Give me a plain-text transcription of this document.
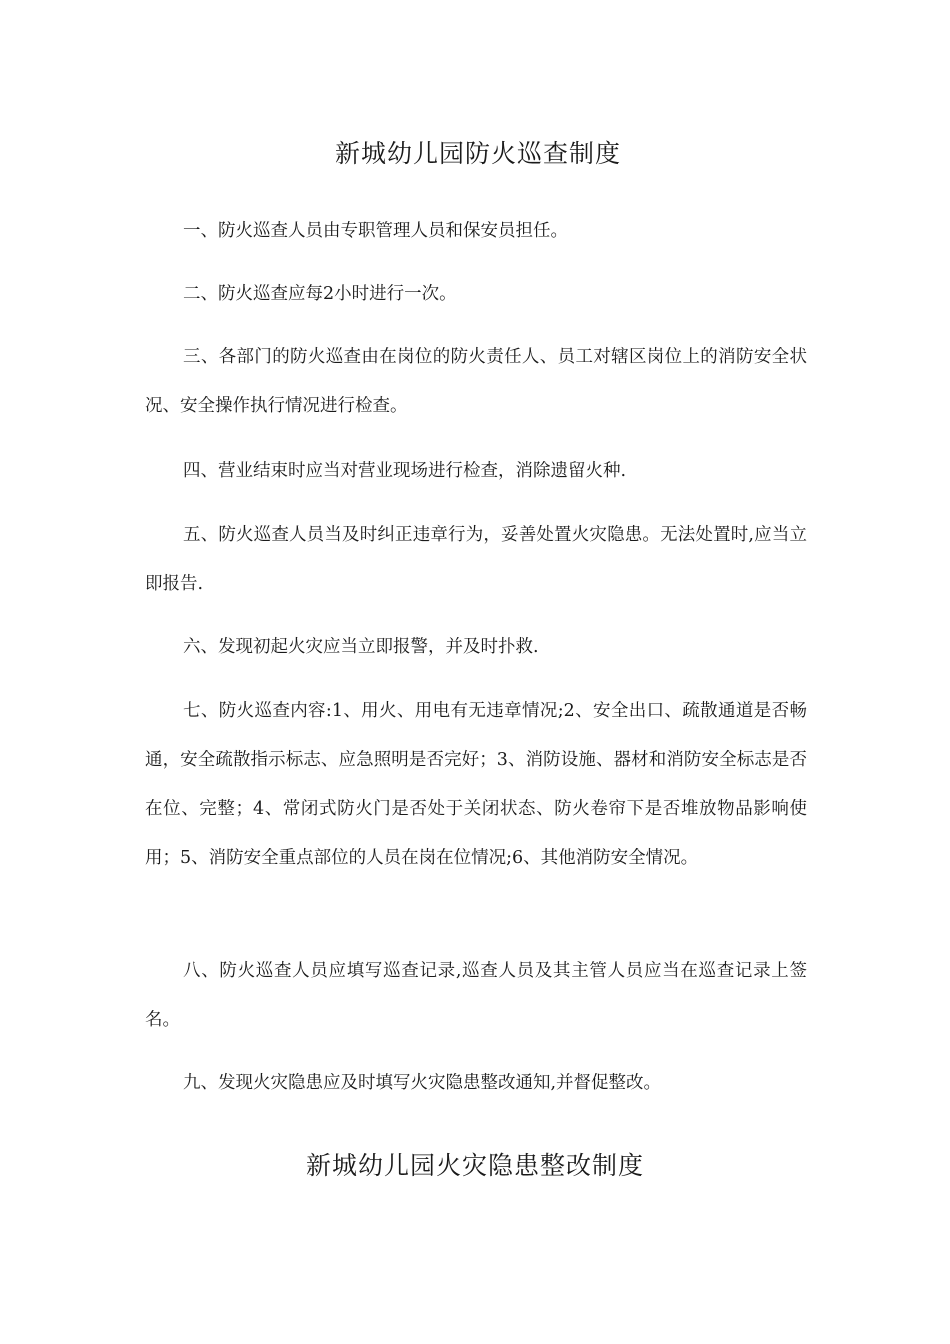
新城幼儿园防火巡查制度

一、防火巡查人员由专职管理人员和保安员担任。

二、防火巡查应每2小时进行一次。

三、各部门的防火巡查由在岗位的防火责任人、员工对辖区岗位上的消防安全状况、安全操作执行情况进行检查。

四、营业结束时应当对营业现场进行检查，消除遗留火种.

五、防火巡查人员当及时纠正违章行为，妥善处置火灾隐患。无法处置时,应当立即报告.

六、发现初起火灾应当立即报警，并及时扑救.

七、防火巡查内容:1、用火、用电有无违章情况;2、安全出口、疏散通道是否畅通，安全疏散指示标志、应急照明是否完好；3、消防设施、器材和消防安全标志是否在位、完整；4、常闭式防火门是否处于关闭状态、防火卷帘下是否堆放物品影响使用；5、消防安全重点部位的人员在岗在位情况;6、其他消防安全情况。

八、防火巡查人员应填写巡查记录,巡查人员及其主管人员应当在巡查记录上签名。

九、发现火灾隐患应及时填写火灾隐患整改通知,并督促整改。

新城幼儿园火灾隐患整改制度
